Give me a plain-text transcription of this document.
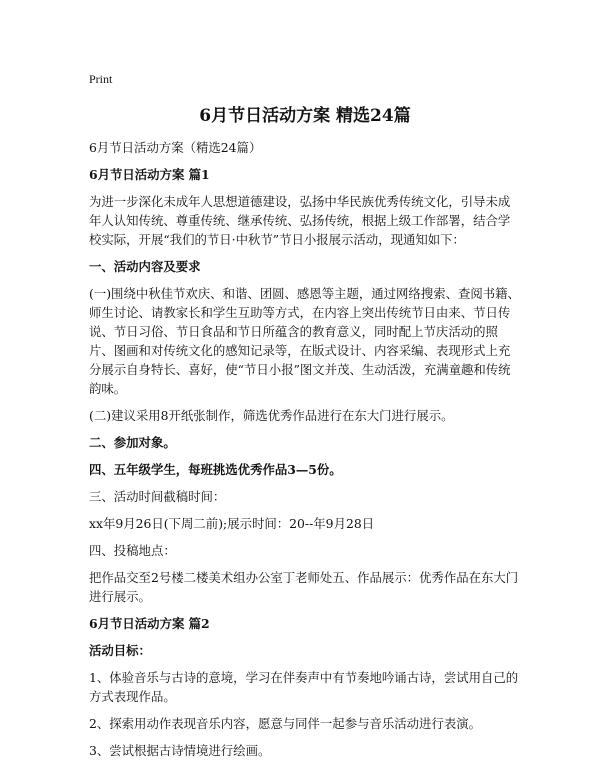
Print
6月节日活动方案 精选24篇
6月节日活动方案（精选24篇）
6月节日活动方案 篇1
为进一步深化未成年人思想道德建设，弘扬中华民族优秀传统文化，引导未成年人认知传统、尊重传统、继承传统、弘扬传统，根据上级工作部署，结合学校实际，开展“我们的节日·中秋节”节日小报展示活动，现通知如下：
一、活动内容及要求
(一)围绕中秋佳节欢庆、和谐、团圆、感恩等主题，通过网络搜索、查阅书籍、师生讨论、请教家长和学生互助等方式，在内容上突出传统节日由来、节日传说、节日习俗、节日食品和节日所蕴含的教育意义，同时配上节庆活动的照片、图画和对传统文化的感知记录等，在版式设计、内容采编、表现形式上充分展示自身特长、喜好，使“节日小报”图文并茂、生动活泼，充满童趣和传统韵味。
(二)建议采用8开纸张制作，筛选优秀作品进行在东大门进行展示。
二、参加对象。
四、五年级学生，每班挑选优秀作品3—5份。
三、活动时间截稿时间：
xx年9月26日(下周二前);展示时间：20--年9月28日
四、投稿地点：
把作品交至2号楼二楼美术组办公室丁老师处五、作品展示：优秀作品在东大门进行展示。
6月节日活动方案 篇2
活动目标：
1、体验音乐与古诗的意境，学习在伴奏声中有节奏地吟诵古诗，尝试用自己的方式表现作品。
2、探索用动作表现音乐内容，愿意与同伴一起参与音乐活动进行表演。
3、尝试根据古诗情境进行绘画。
